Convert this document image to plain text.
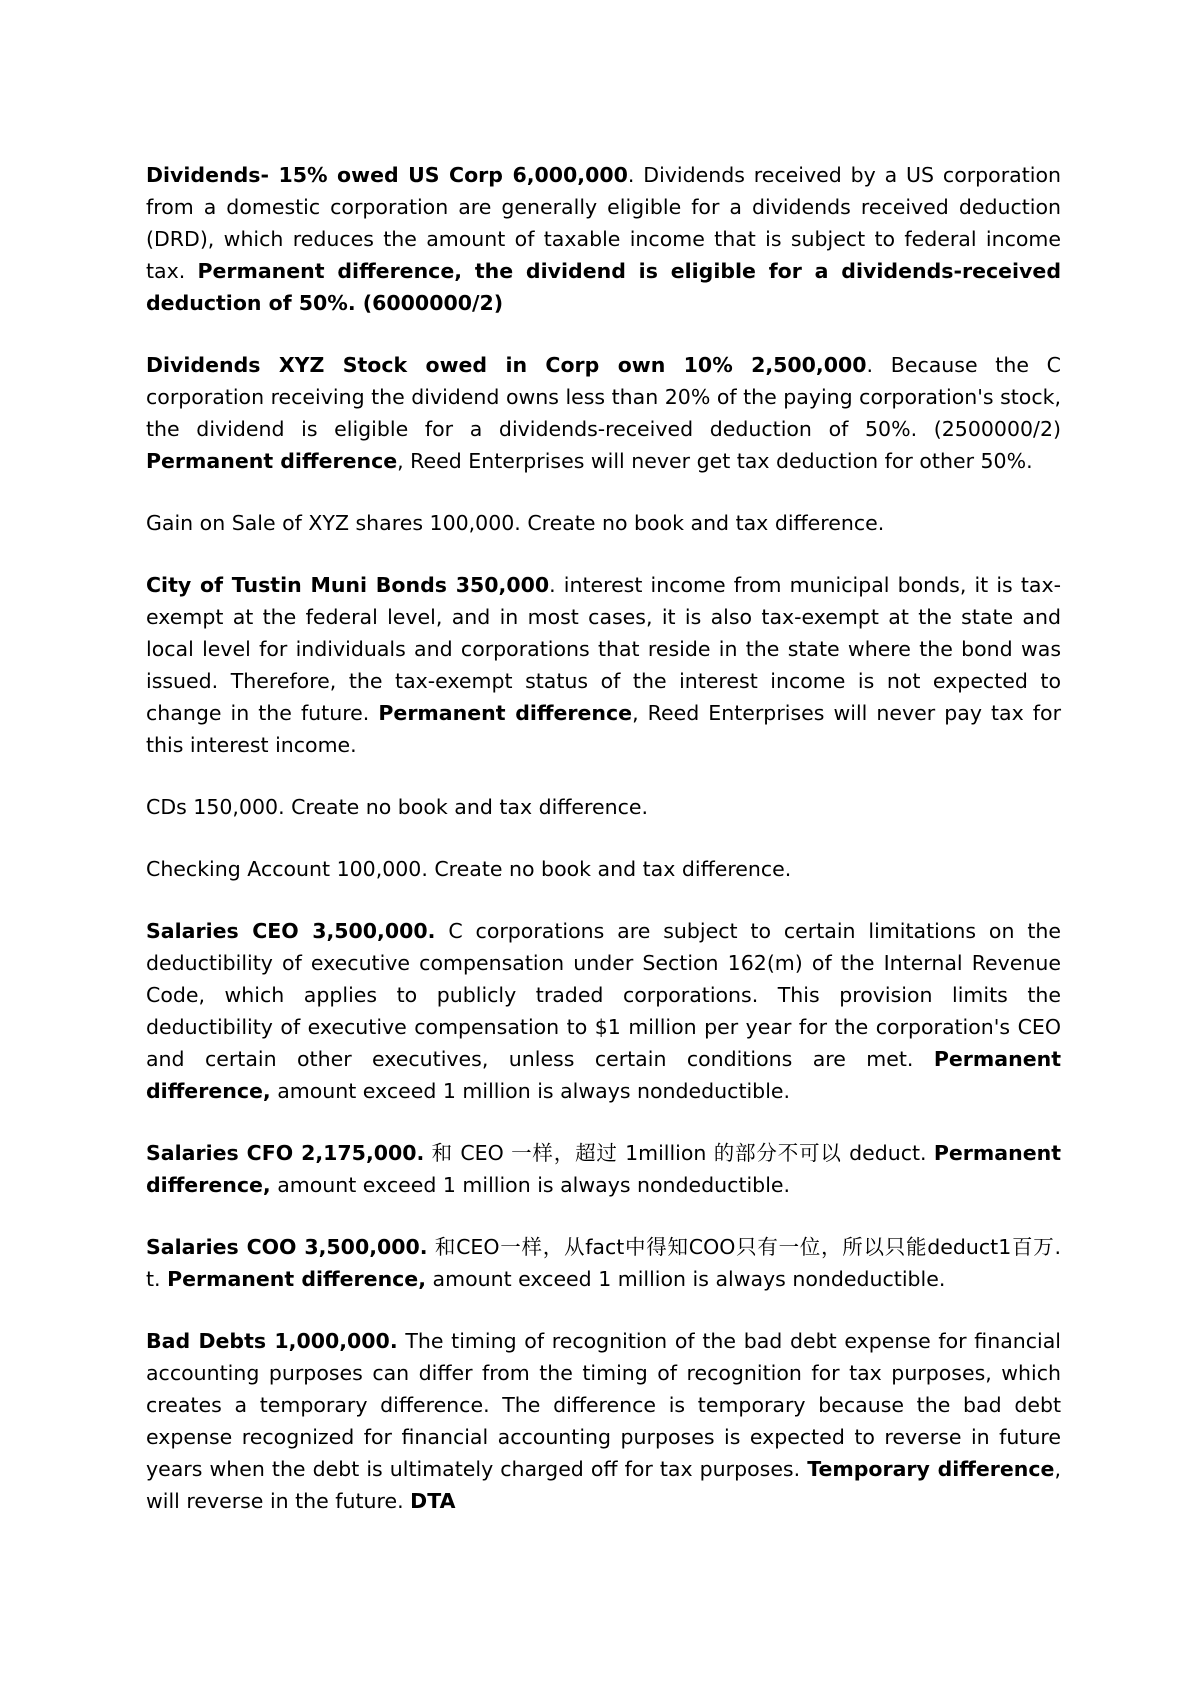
Dividends- 15% owed US Corp 6,000,000. Dividends received by a US corporation from a domestic corporation are generally eligible for a dividends received deduction (DRD), which reduces the amount of taxable income that is subject to federal income tax. Permanent difference, the dividend is eligible for a dividends-received deduction of 50%. (6000000/2)

Dividends XYZ Stock owed in Corp own 10% 2,500,000. Because the C corporation receiving the dividend owns less than 20% of the paying corporation's stock, the dividend is eligible for a dividends-received deduction of 50%. (2500000/2) Permanent difference, Reed Enterprises will never get tax deduction for other 50%.

Gain on Sale of XYZ shares 100,000. Create no book and tax difference.

City of Tustin Muni Bonds 350,000. interest income from municipal bonds, it is tax-exempt at the federal level, and in most cases, it is also tax-exempt at the state and local level for individuals and corporations that reside in the state where the bond was issued. Therefore, the tax-exempt status of the interest income is not expected to change in the future. Permanent difference, Reed Enterprises will never pay tax for this interest income.

CDs 150,000. Create no book and tax difference.

Checking Account 100,000. Create no book and tax difference.

Salaries CEO 3,500,000. C corporations are subject to certain limitations on the deductibility of executive compensation under Section 162(m) of the Internal Revenue Code, which applies to publicly traded corporations. This provision limits the deductibility of executive compensation to $1 million per year for the corporation's CEO and certain other executives, unless certain conditions are met. Permanent difference, amount exceed 1 million is always nondeductible.

Salaries CFO 2,175,000. 和 CEO 一样，超过 1million 的部分不可以 deduct. Permanent difference, amount exceed 1 million is always nondeductible.

Salaries COO 3,500,000. 和CEO一样，从fact中得知COO只有一位，所以只能deduct1百万. t. Permanent difference, amount exceed 1 million is always nondeductible.

Bad Debts 1,000,000. The timing of recognition of the bad debt expense for financial accounting purposes can differ from the timing of recognition for tax purposes, which creates a temporary difference. The difference is temporary because the bad debt expense recognized for financial accounting purposes is expected to reverse in future years when the debt is ultimately charged off for tax purposes. Temporary difference, will reverse in the future. DTA
